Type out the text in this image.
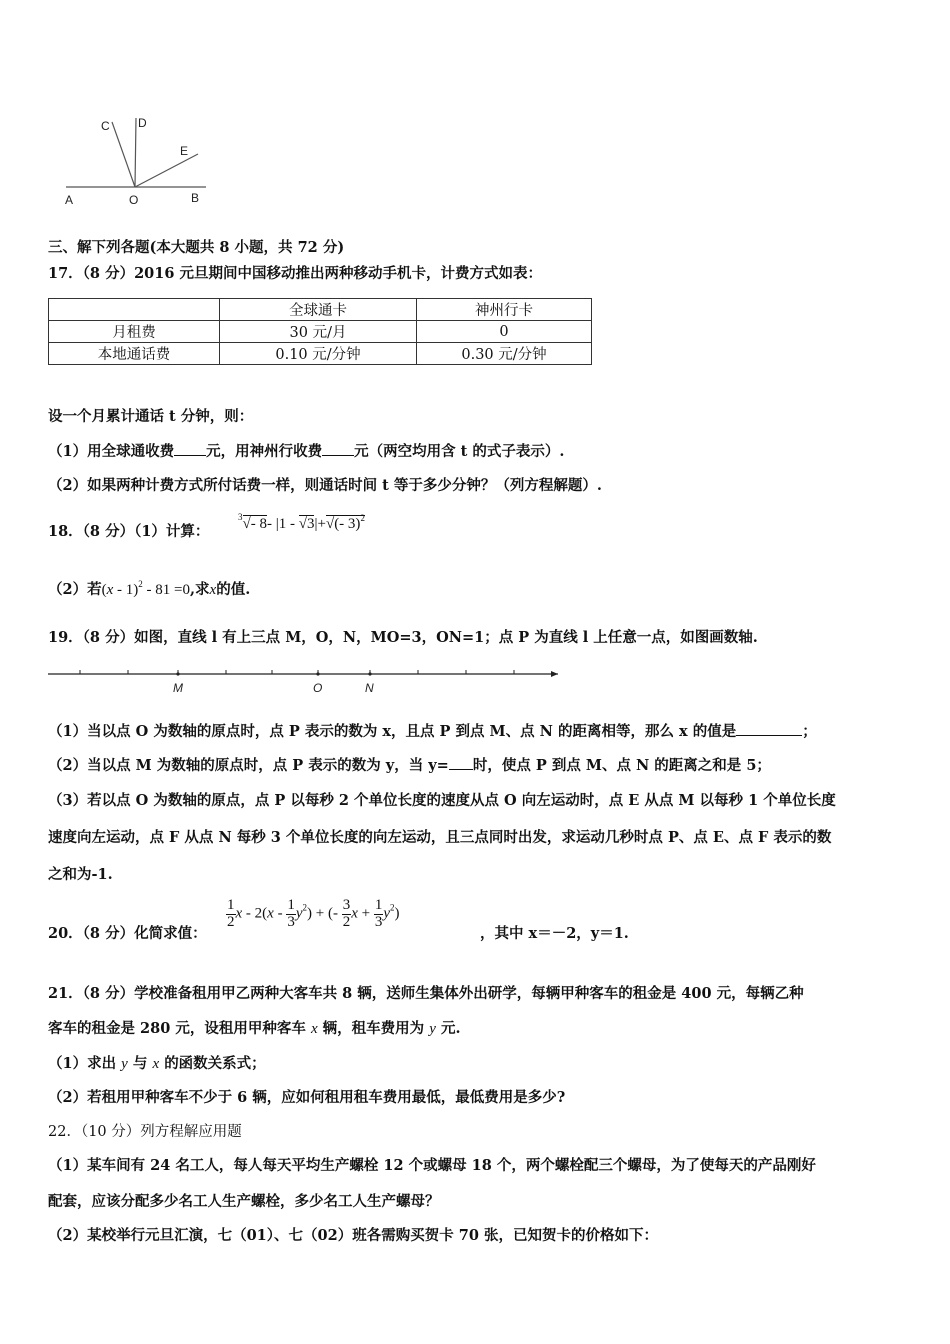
A	O	B
C D
E
三、解下列各题(本大题共 8 小题，共 72 分)
17．（8 分）2016 元旦期间中国移动推出两种移动手机卡，计费方式如表：
	全球通卡	神州行卡
月租费	30 元/月	0
本地通话费	0.10 元/分钟	0.30 元/分钟
设一个月累计通话 t 分钟，则：
（1）用全球通收费 元，用神州行收费 元（两空均用含 t 的式子表示）.
（2）如果两种计费方式所付话费一样，则通话时间 t 等于多少分钟？（列方程解题）.
18．（8 分）（1）计算：
$^3$√- 8- |1 - √3|+√(- 3)$^2$
（2）若(x - 1)$^2$ - 81 =0,求x的值.
19．（8 分）如图，直线 l 有上三点 M，O，N，MO=3，ON=1；点 P 为直线 l 上任意一点，如图画数轴.
M	O	N
（1）当以点 O 为数轴的原点时，点 P 表示的数为 x，且点 P 到点 M、点 N 的距离相等，那么 x 的值是	；
（2）当以点 M 为数轴的原点时，点 P 表示的数为 y，当 y= 时，使点 P 到点 M、点 N 的距离之和是 5；
（3）若以点 O 为数轴的原点，点 P 以每秒 2 个单位长度的速度从点 O 向左运动时，点 E 从点 M 以每秒 1 个单位长度
速度向左运动，点 F 从点 N 每秒 3 个单位长度的向左运动，且三点同时出发，求运动几秒时点 P、点 E、点 F 表示的数
之和为-1.
20．（8 分）化简求值：
$\frac{1}{2}$ x - $2(x - \frac{1}{3} y^2)$ + (- $\frac{3}{2}$ $x + \frac{1}{3} y^2$)
，其中 x＝－2，y＝1.
21．（8 分）学校准备租用甲乙两种大客车共 8 辆，送师生集体外出研学，每辆甲种客车的租金是 400 元，每辆乙种
客车的租金是 280 元，设租用甲种客车 x 辆，租车费用为 y 元.
（1）求出 y 与 x 的函数关系式；
（2）若租用甲种客车不少于 6 辆，应如何租用租车费用最低，最低费用是多少?
22．（10 分）列方程解应用题
（1）某车间有 24 名工人，每人每天平均生产螺栓 12 个或螺母 18 个，两个螺栓配三个螺母，为了使每天的产品刚好
配套，应该分配多少名工人生产螺栓，多少名工人生产螺母？
（2）某校举行元旦汇演，七（01）、七（02）班各需购买贺卡 70 张，已知贺卡的价格如下：
